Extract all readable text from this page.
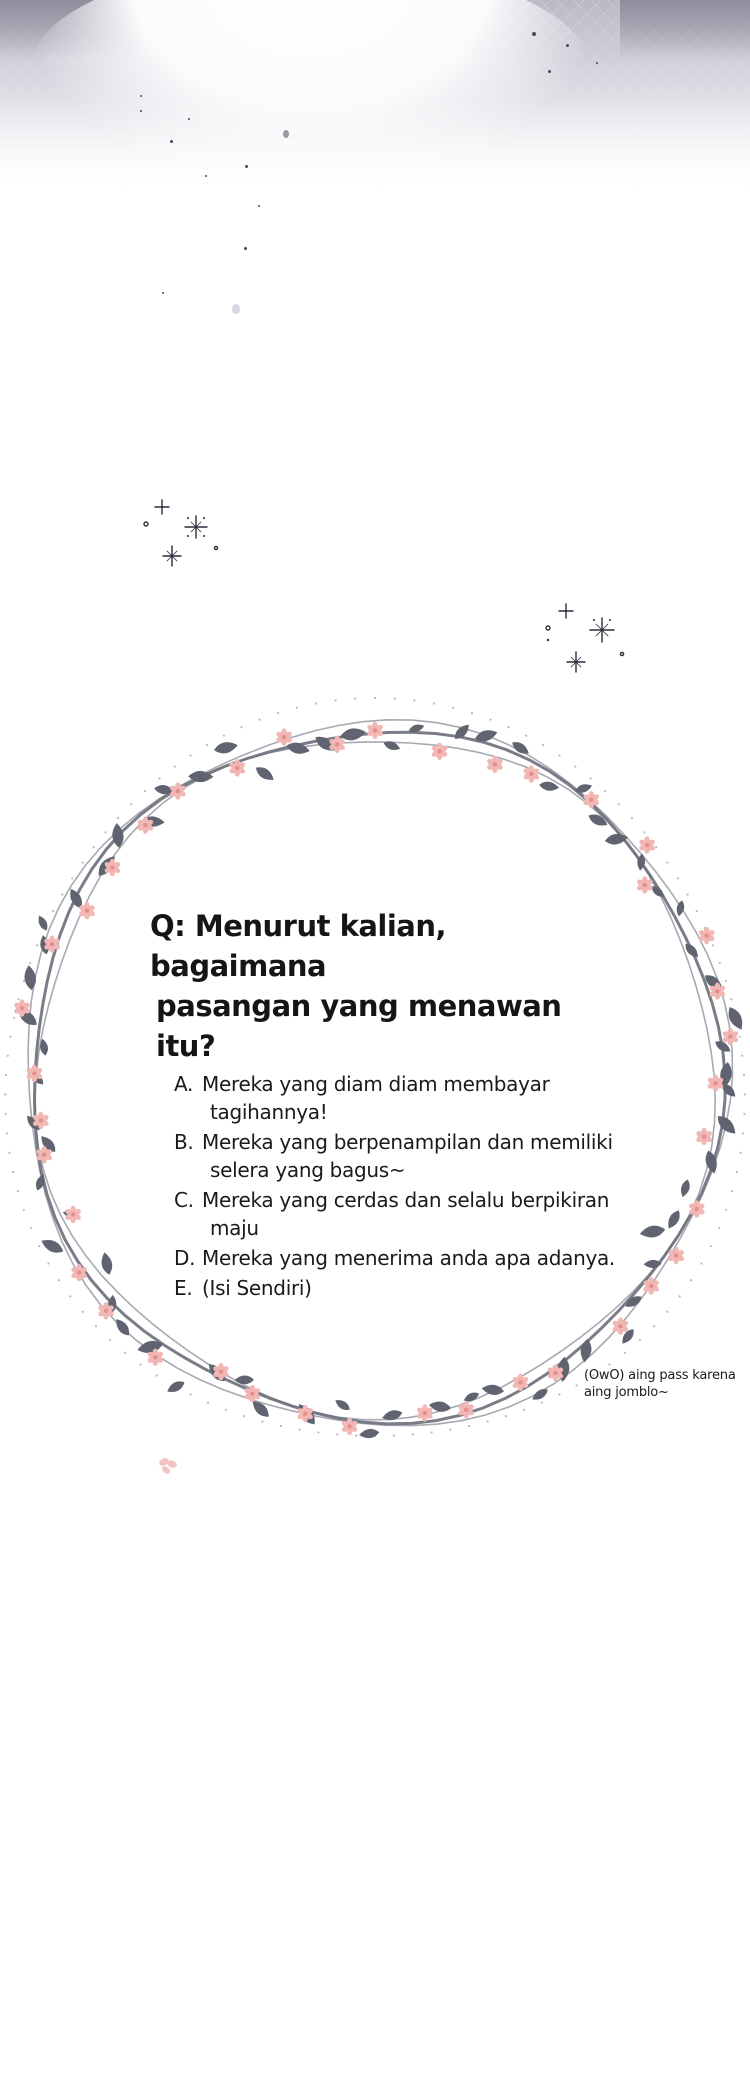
Q: Menurut kalian, bagaimana
pasangan yang menawan itu?
A. Mereka yang diam diam membayar tagihannya!
B. Mereka yang berpenampilan dan memiliki selera yang bagus~
C. Mereka yang cerdas dan selalu berpikiran maju
D. Mereka yang menerima anda apa adanya.
E. (Isi Sendiri)
(OwO) aing pass karena aing jomblo~
